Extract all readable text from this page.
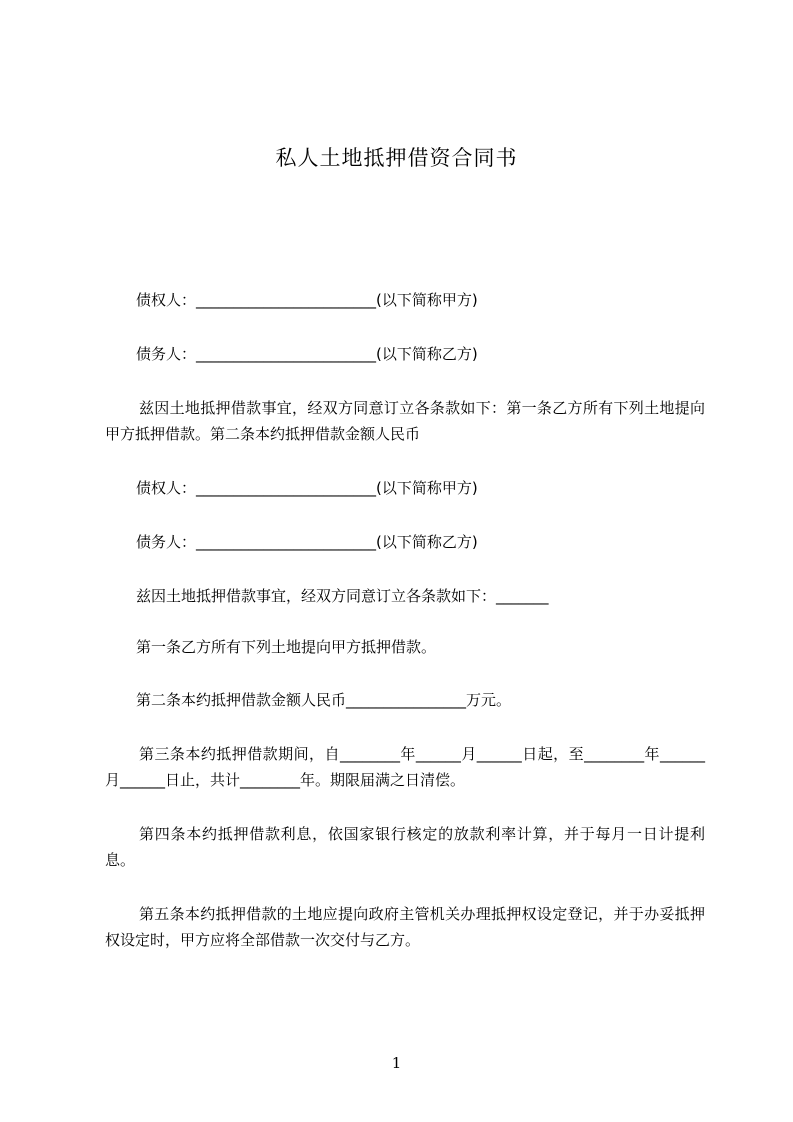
私人土地抵押借资合同书
债权人：________________________(以下简称甲方)
债务人：________________________(以下简称乙方)
兹因土地抵押借款事宜，经双方同意订立各条款如下：第一条乙方所有下列土地提向甲方抵押借款。第二条本约抵押借款金额人民币
债权人：________________________(以下简称甲方)
债务人：________________________(以下简称乙方)
兹因土地抵押借款事宜，经双方同意订立各条款如下：_______
第一条乙方所有下列土地提向甲方抵押借款。
第二条本约抵押借款金额人民币________________万元。
第三条本约抵押借款期间，自________年______月______日起，至________年______月______日止，共计________年。期限届满之日清偿。
第四条本约抵押借款利息，依国家银行核定的放款利率计算，并于每月一日计提利息。
第五条本约抵押借款的土地应提向政府主管机关办理抵押权设定登记，并于办妥抵押权设定时，甲方应将全部借款一次交付与乙方。
1
